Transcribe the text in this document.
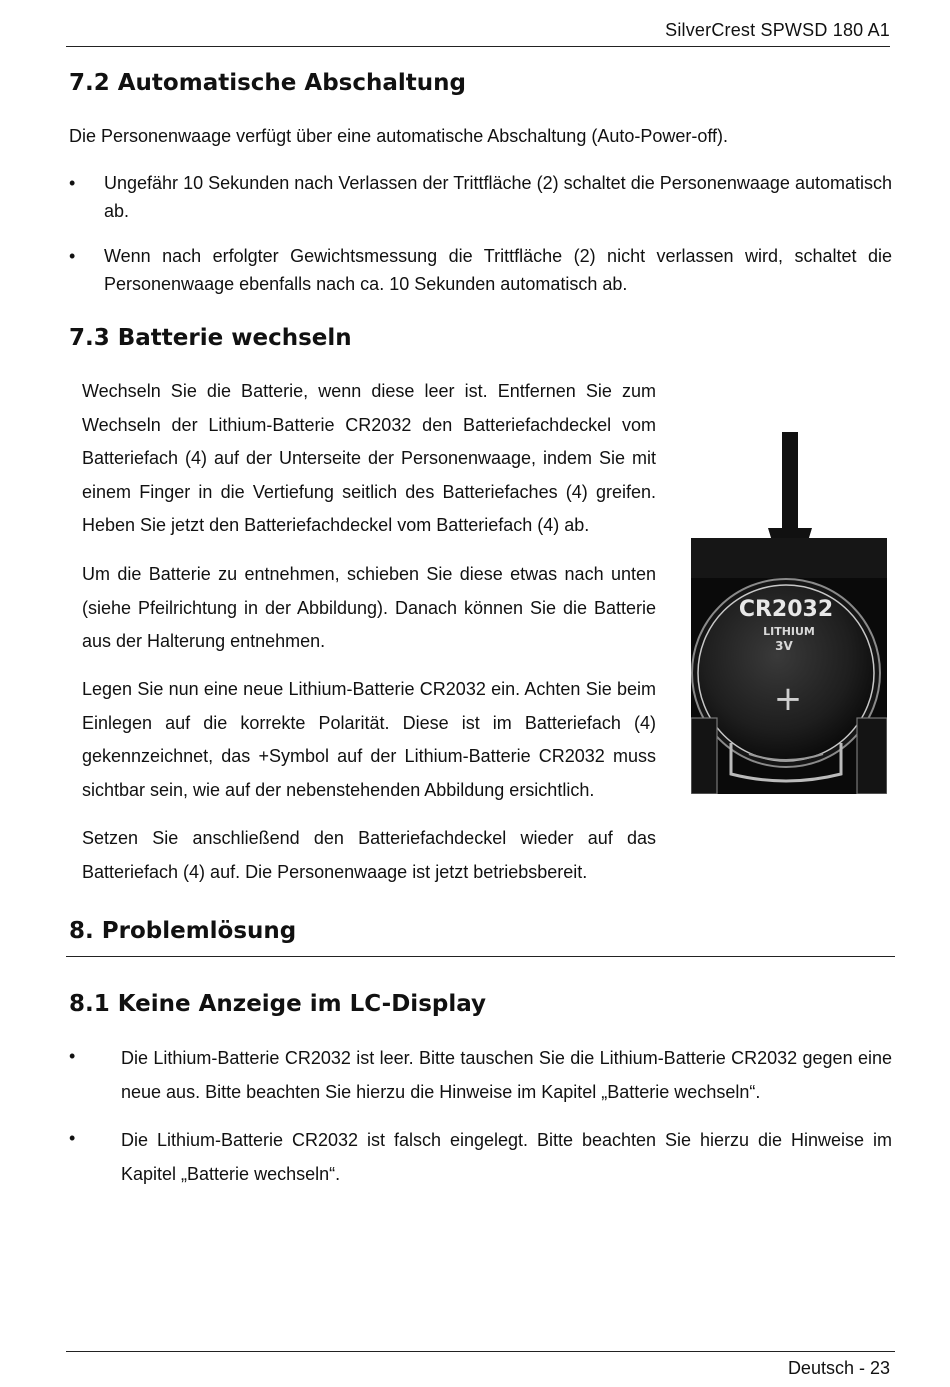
SilverCrest SPWSD 180 A1
7.2 Automatische Abschaltung

Die Personenwaage verfügt über eine automatische Abschaltung (Auto-Power-off).

• Ungefähr 10 Sekunden nach Verlassen der Trittfläche (2) schaltet die Personenwaage automatisch ab.
• Wenn nach erfolgter Gewichtsmessung die Trittfläche (2) nicht verlassen wird, schaltet die Personenwaage ebenfalls nach ca. 10 Sekunden automatisch ab.
7.3 Batterie wechseln

Wechseln Sie die Batterie, wenn diese leer ist. Entfernen Sie zum Wechseln der Lithium-Batterie CR2032 den Batteriefachdeckel vom Batteriefach (4) auf der Unterseite der Personenwaage, indem Sie mit einem Finger in die Vertiefung seitlich des Batteriefaches (4) greifen. Heben Sie jetzt den Batteriefachdeckel vom Batteriefach (4) ab.

Um die Batterie zu entnehmen, schieben Sie diese etwas nach unten (siehe Pfeilrichtung in der Abbildung). Danach können Sie die Batterie aus der Halterung entnehmen.

Legen Sie nun eine neue Lithium-Batterie CR2032 ein. Achten Sie beim Einlegen auf die korrekte Polarität. Diese ist im Batteriefach (4) gekennzeichnet, das +Symbol auf der Lithium-Batterie CR2032 muss sichtbar sein, wie auf der nebenstehenden Abbildung ersichtlich.

Setzen Sie anschließend den Batteriefachdeckel wieder auf das Batteriefach (4) auf. Die Personenwaage ist jetzt betriebsbereit.

CR2032
LITHIUM
3V
+
8. Problemlösung
8.1 Keine Anzeige im LC-Display
•	Die Lithium-Batterie CR2032 ist leer. Bitte tauschen Sie die Lithium-Batterie CR2032 gegen eine neue aus. Bitte beachten Sie hierzu die Hinweise im Kapitel „Batterie wechseln“.
•	Die Lithium-Batterie CR2032 ist falsch eingelegt. Bitte beachten Sie hierzu die Hinweise im Kapitel „Batterie wechseln“.
Deutsch - 23
